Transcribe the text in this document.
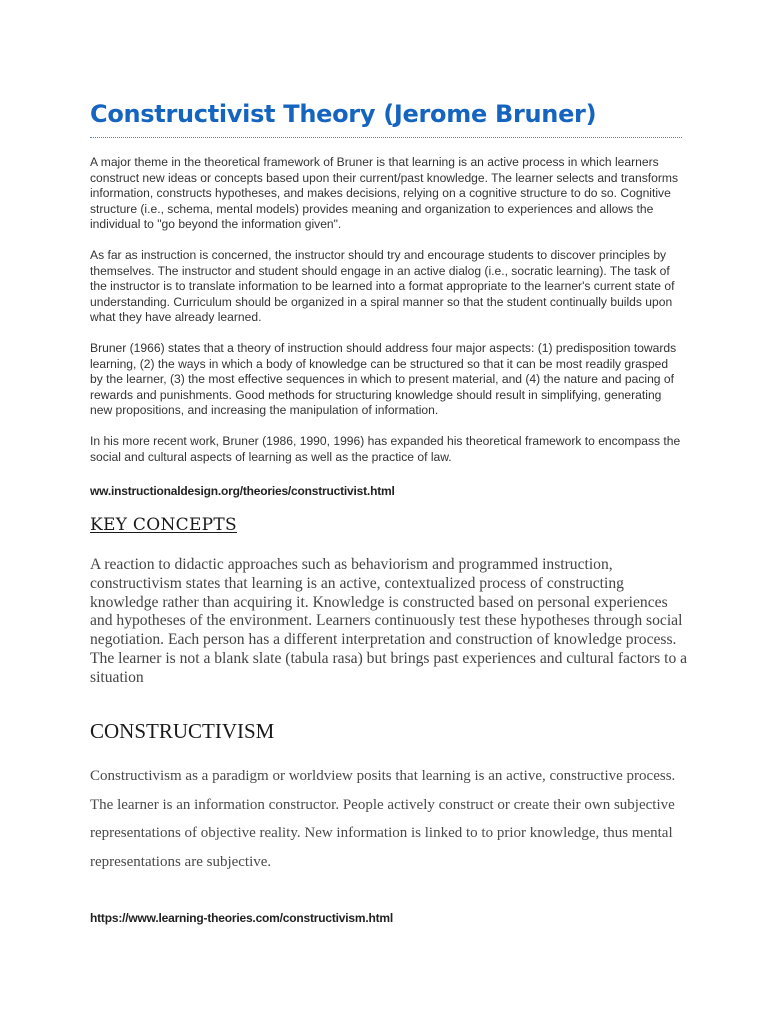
Constructivist Theory (Jerome Bruner)

A major theme in the theoretical framework of Bruner is that learning is an active process in which learners construct new ideas or concepts based upon their current/past knowledge. The learner selects and transforms information, constructs hypotheses, and makes decisions, relying on a cognitive structure to do so. Cognitive structure (i.e., schema, mental models) provides meaning and organization to experiences and allows the individual to "go beyond the information given".

As far as instruction is concerned, the instructor should try and encourage students to discover principles by themselves. The instructor and student should engage in an active dialog (i.e., socratic learning). The task of the instructor is to translate information to be learned into a format appropriate to the learner's current state of understanding. Curriculum should be organized in a spiral manner so that the student continually builds upon what they have already learned.

Bruner (1966) states that a theory of instruction should address four major aspects: (1) predisposition towards learning, (2) the ways in which a body of knowledge can be structured so that it can be most readily grasped by the learner, (3) the most effective sequences in which to present material, and (4) the nature and pacing of rewards and punishments. Good methods for structuring knowledge should result in simplifying, generating new propositions, and increasing the manipulation of information.

In his more recent work, Bruner (1986, 1990, 1996) has expanded his theoretical framework to encompass the social and cultural aspects of learning as well as the practice of law.

ww.instructionaldesign.org/theories/constructivist.html

KEY CONCEPTS

A reaction to didactic approaches such as behaviorism and programmed instruction, constructivism states that learning is an active, contextualized process of constructing knowledge rather than acquiring it. Knowledge is constructed based on personal experiences and hypotheses of the environment. Learners continuously test these hypotheses through social negotiation. Each person has a different interpretation and construction of knowledge process. The learner is not a blank slate (tabula rasa) but brings past experiences and cultural factors to a situation

CONSTRUCTIVISM

Constructivism as a paradigm or worldview posits that learning is an active, constructive process. The learner is an information constructor. People actively construct or create their own subjective representations of objective reality. New information is linked to to prior knowledge, thus mental representations are subjective.

https://www.learning-theories.com/constructivism.html
